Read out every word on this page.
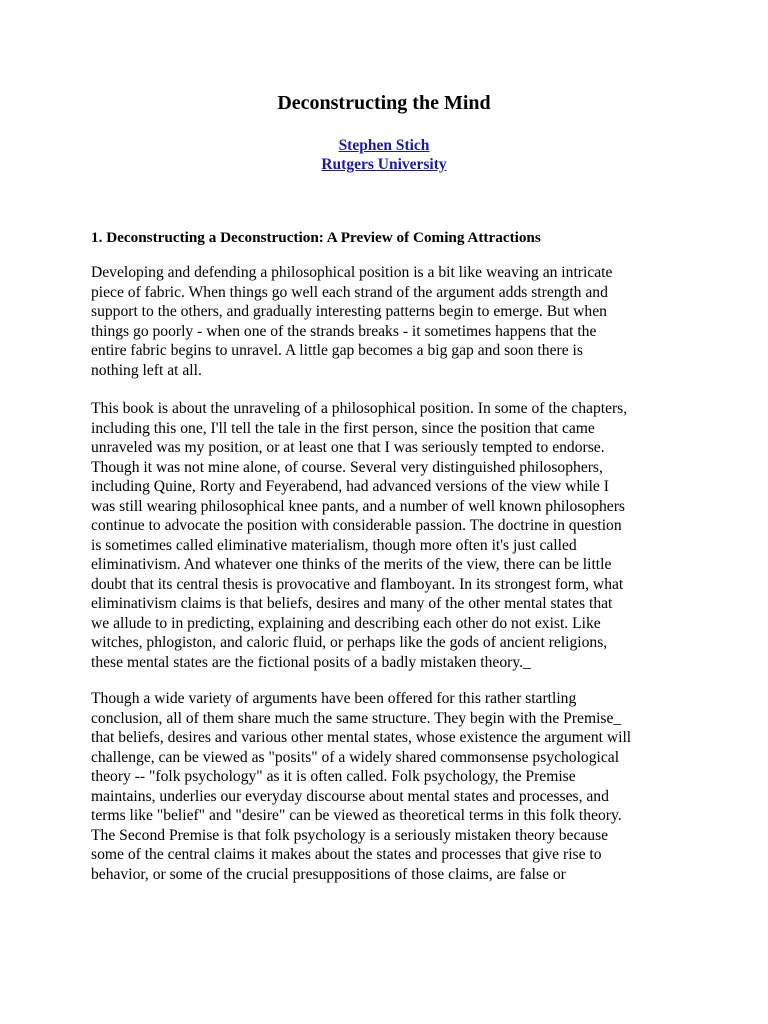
Deconstructing the Mind
Stephen Stich
Rutgers University
1. Deconstructing a Deconstruction: A Preview of Coming Attractions

Developing and defending a philosophical position is a bit like weaving an intricate
piece of fabric. When things go well each strand of the argument adds strength and
support to the others, and gradually interesting patterns begin to emerge. But when
things go poorly - when one of the strands breaks - it sometimes happens that the
entire fabric begins to unravel. A little gap becomes a big gap and soon there is
nothing left at all.

This book is about the unraveling of a philosophical position. In some of the chapters,
including this one, I'll tell the tale in the first person, since the position that came
unraveled was my position, or at least one that I was seriously tempted to endorse.
Though it was not mine alone, of course. Several very distinguished philosophers,
including Quine, Rorty and Feyerabend, had advanced versions of the view while I
was still wearing philosophical knee pants, and a number of well known philosophers
continue to advocate the position with considerable passion. The doctrine in question
is sometimes called eliminative materialism, though more often it's just called
eliminativism. And whatever one thinks of the merits of the view, there can be little
doubt that its central thesis is provocative and flamboyant. In its strongest form, what
eliminativism claims is that beliefs, desires and many of the other mental states that
we allude to in predicting, explaining and describing each other do not exist. Like
witches, phlogiston, and caloric fluid, or perhaps like the gods of ancient religions,
these mental states are the fictional posits of a badly mistaken theory._

Though a wide variety of arguments have been offered for this rather startling
conclusion, all of them share much the same structure. They begin with the Premise_
that beliefs, desires and various other mental states, whose existence the argument will
challenge, can be viewed as "posits" of a widely shared commonsense psychological
theory -- "folk psychology" as it is often called. Folk psychology, the Premise
maintains, underlies our everyday discourse about mental states and processes, and
terms like "belief" and "desire" can be viewed as theoretical terms in this folk theory.
The Second Premise is that folk psychology is a seriously mistaken theory because
some of the central claims it makes about the states and processes that give rise to
behavior, or some of the crucial presuppositions of those claims, are false or
